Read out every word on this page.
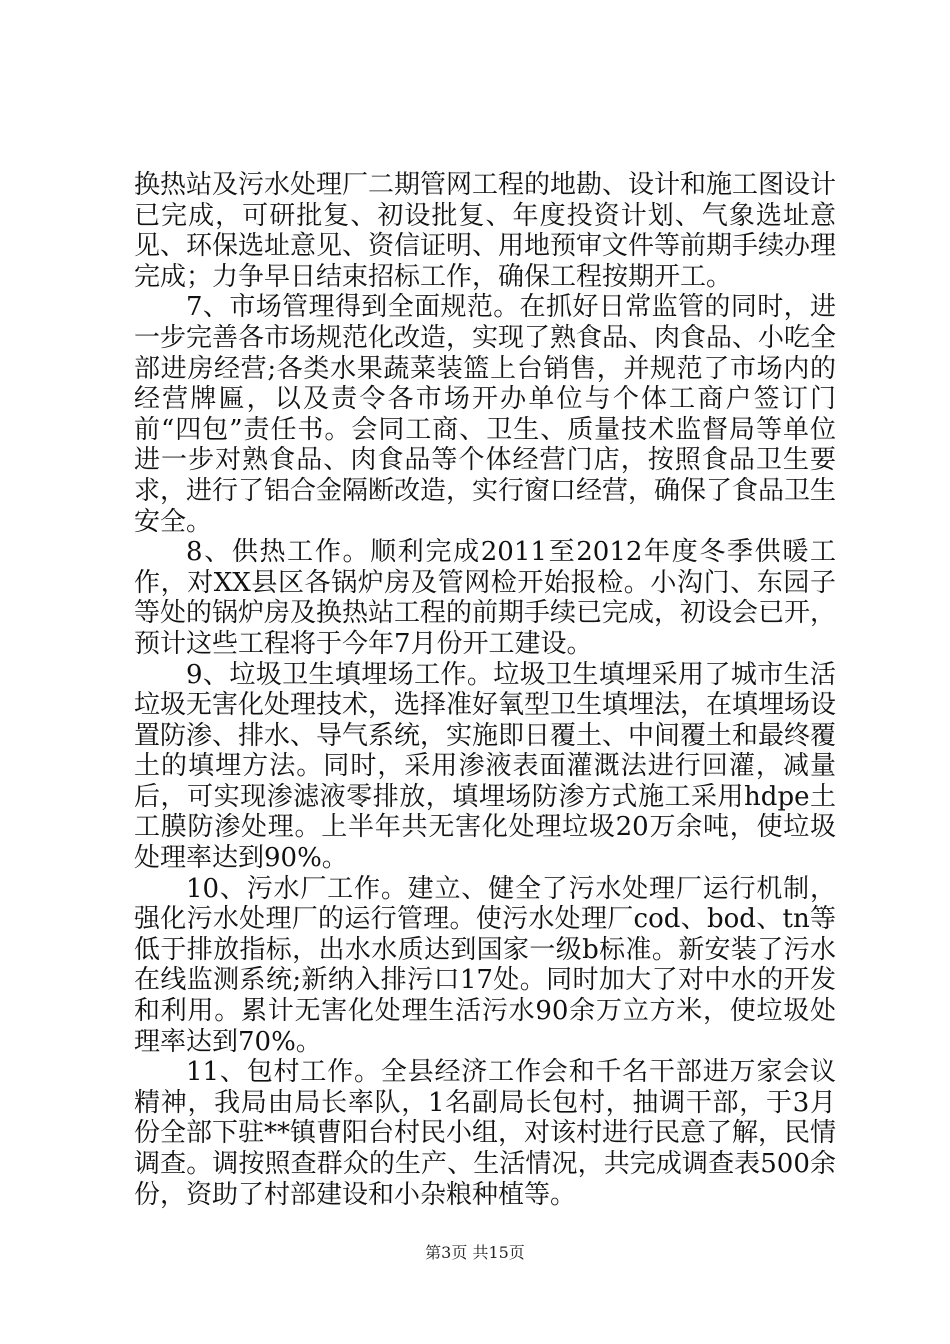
换热站及污水处理厂二期管网工程的地勘、设计和施工图设计已完成，可研批复、初设批复、年度投资计划、气象选址意见、环保选址意见、资信证明、用地预审文件等前期手续办理完成；力争早日结束招标工作，确保工程按期开工。

7、市场管理得到全面规范。在抓好日常监管的同时，进一步完善各市场规范化改造，实现了熟食品、肉食品、小吃全部进房经营;各类水果蔬菜装篮上台销售，并规范了市场内的经营牌匾，以及责令各市场开办单位与个体工商户签订门前“四包”责任书。会同工商、卫生、质量技术监督局等单位进一步对熟食品、肉食品等个体经营门店，按照食品卫生要求，进行了铝合金隔断改造，实行窗口经营，确保了食品卫生安全。

8、供热工作。顺利完成2011至2012年度冬季供暖工作，对XX县区各锅炉房及管网检开始报检。小沟门、东园子等处的锅炉房及换热站工程的前期手续已完成，初设会已开，预计这些工程将于今年7月份开工建设。

9、垃圾卫生填埋场工作。垃圾卫生填埋采用了城市生活垃圾无害化处理技术，选择准好氧型卫生填埋法，在填埋场设置防渗、排水、导气系统，实施即日覆土、中间覆土和最终覆土的填埋方法。同时，采用渗液表面灌溉法进行回灌，减量后，可实现渗滤液零排放，填埋场防渗方式施工采用hdpe土工膜防渗处理。上半年共无害化处理垃圾20万余吨，使垃圾处理率达到90%。

10、污水厂工作。建立、健全了污水处理厂运行机制，强化污水处理厂的运行管理。使污水处理厂cod、bod、tn等低于排放指标，出水水质达到国家一级b标准。新安装了污水在线监测系统;新纳入排污口17处。同时加大了对中水的开发和利用。累计无害化处理生活污水90余万立方米，使垃圾处理率达到70%。

11、包村工作。全县经济工作会和千名干部进万家会议精神，我局由局长率队，1名副局长包村，抽调干部，于3月份全部下驻**镇曹阳台村民小组，对该村进行民意了解，民情调查。调按照查群众的生产、生活情况，共完成调查表500余份，资助了村部建设和小杂粮种植等。

第3页 共15页
